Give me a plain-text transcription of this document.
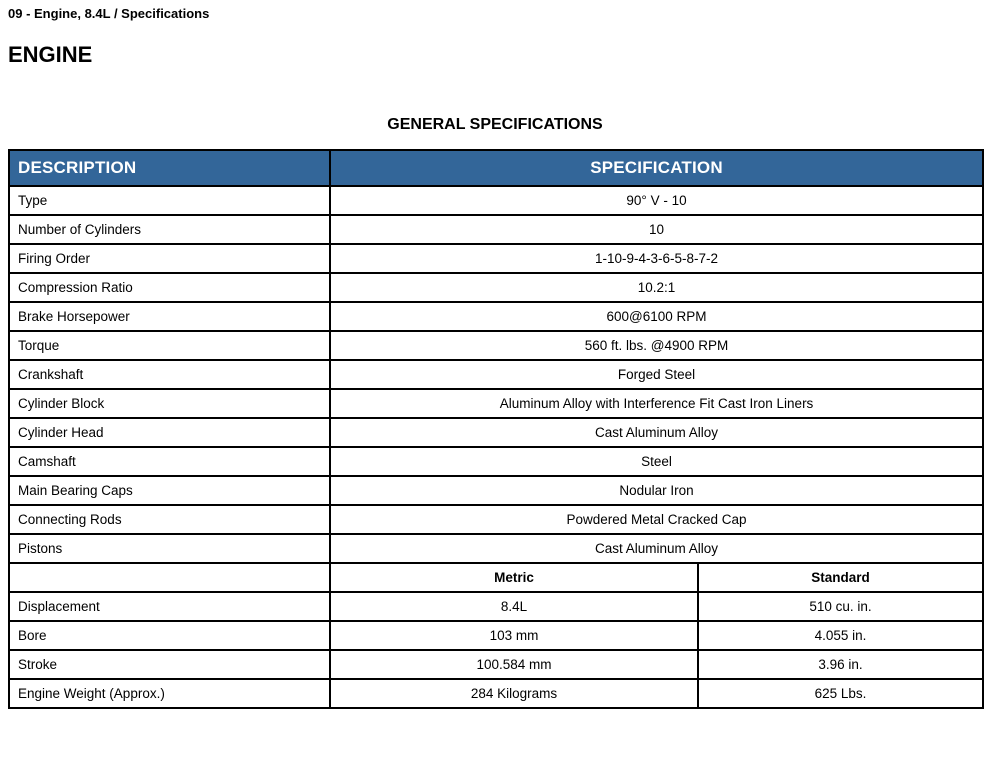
09 - Engine, 8.4L / Specifications
ENGINE
GENERAL SPECIFICATIONS
DESCRIPTION	SPECIFICATION	
Type	90° V - 10	
Number of Cylinders	10	
Firing Order	1-10-9-4-3-6-5-8-7-2	
Compression Ratio	10.2:1	
Brake Horsepower	600@6100 RPM	
Torque	560 ft. lbs. @4900 RPM	
Crankshaft	Forged Steel	
Cylinder Block	Aluminum Alloy with Interference Fit Cast Iron Liners	
Cylinder Head	Cast Aluminum Alloy	
Camshaft	Steel	
Main Bearing Caps	Nodular Iron	
Connecting Rods	Powdered Metal Cracked Cap	
Pistons	Cast Aluminum Alloy	
	Metric	Standard
Displacement	8.4L	510 cu. in.
Bore	103 mm	4.055 in.
Stroke	100.584 mm	3.96 in.
Engine Weight (Approx.)	284 Kilograms	625 Lbs.
